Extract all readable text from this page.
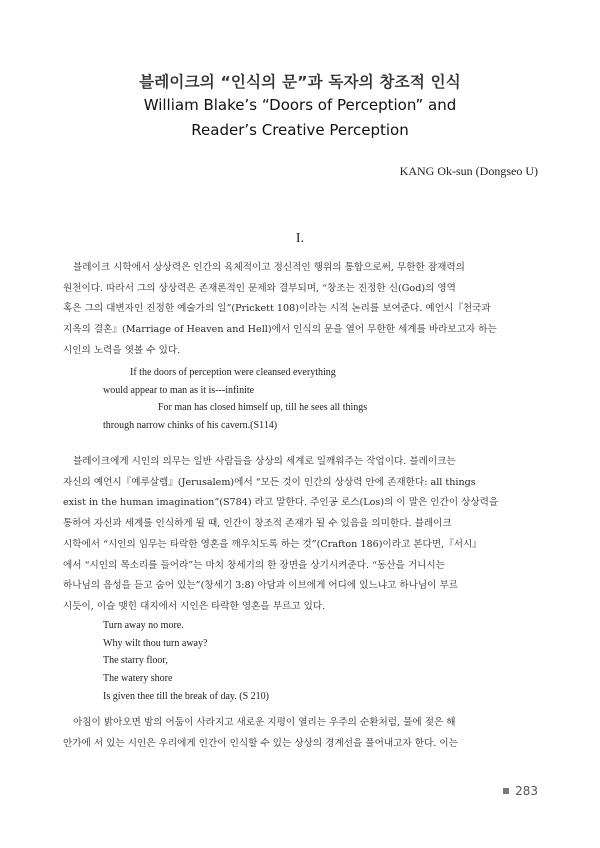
블레이크의 “인식의 문”과 독자의 창조적 인식
William Blake’s “Doors of Perception” and
Reader’s Creative Perception
KANG Ok-sun (Dongseo U)
I.
블레이크 시학에서 상상력은 인간의 육체적이고 정신적인 행위의 통합으로써, 무한한 잠재력의
원천이다. 따라서 그의 상상력은 존재론적인 문제와 결부되며, “창조는 진정한 신(God)의 영역
혹은 그의 대변자인 진정한 예술가의 일”(Prickett 108)이라는 시적 논리를 보여준다. 예언시『천국과
지옥의 결혼』(Marriage of Heaven and Hell)에서 인식의 문을 열어 무한한 세계를 바라보고자 하는
시인의 노력을 엿볼 수 있다.
If the doors of perception were cleansed everything
would appear to man as it is---infinite
For man has closed himself up, till he sees all things
through narrow chinks of his cavern.(S114)
블레이크에게 시인의 의무는 일반 사람들을 상상의 세계로 일깨워주는 작업이다. 블레이크는
자신의 예언시『예루살렘』(Jerusalem)에서 “모든 것이 인간의 상상력 안에 존재한다: all things
exist in the human imagination”(S784) 라고 말한다. 주인공 로스(Los)의 이 말은 인간이 상상력을
통하여 자신과 세계를 인식하게 될 때, 인간이 창조적 존재가 될 수 있음을 의미한다. 블레이크
시학에서 “시인의 임무는 타락한 영혼을 깨우치도록 하는 것”(Crafton 186)이라고 본다면,『서시』
에서 “시인의 목소리를 들어라”는 마치 창세기의 한 장면을 상기시켜준다. “동산을 거니시는
하나님의 음성을 듣고 숨어 있는”(창세기 3:8) 아담과 이브에게 어디에 있느냐고 하나님이 부르
시듯이, 이슬 맺힌 대지에서 시인은 타락한 영혼을 부르고 있다.
Turn away no more.
Why wilt thou turn away?
The starry floor,
The watery shore
Is given thee till the break of day. (S 210)
아침이 밝아오면 밤의 어둠이 사라지고 새로운 지평이 열리는 우주의 순환처럼, 물에 젖은 해
안가에 서 있는 시인은 우리에게 인간이 인식할 수 있는 상상의 경계선을 풀어내고자 한다. 이는
283
